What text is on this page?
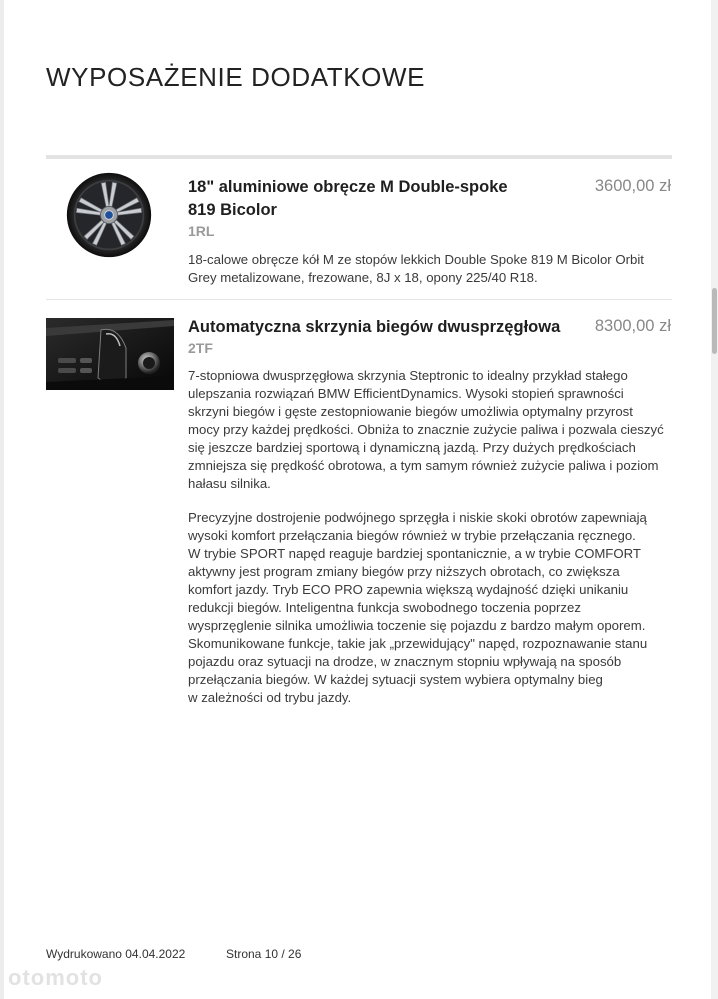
WYPOSAŻENIE DODATKOWE
18" aluminiowe obręcze M Double-spoke
819 Bicolor
1RL
3600,00 zł

18-calowe obręcze kół M ze stopów lekkich Double Spoke 819 M Bicolor Orbit
Grey metalizowane, frezowane, 8J x 18, opony 225/40 R18.

Automatyczna skrzynia biegów dwusprzęgłowa
2TF
8300,00 zł

7-stopniowa dwusprzęgłowa skrzynia Steptronic to idealny przykład stałego
ulepszania rozwiązań BMW EfficientDynamics. Wysoki stopień sprawności
skrzyni biegów i gęste zestopniowanie biegów umożliwia optymalny przyrost
mocy przy każdej prędkości. Obniża to znacznie zużycie paliwa i pozwala cieszyć
się jeszcze bardziej sportową i dynamiczną jazdą. Przy dużych prędkościach
zmniejsza się prędkość obrotowa, a tym samym również zużycie paliwa i poziom
hałasu silnika.

Precyzyjne dostrojenie podwójnego sprzęgła i niskie skoki obrotów zapewniają
wysoki komfort przełączania biegów również w trybie przełączania ręcznego.
W trybie SPORT napęd reaguje bardziej spontanicznie, a w trybie COMFORT
aktywny jest program zmiany biegów przy niższych obrotach, co zwiększa
komfort jazdy. Tryb ECO PRO zapewnia większą wydajność dzięki unikaniu
redukcji biegów. Inteligentna funkcja swobodnego toczenia poprzez
wysprzęglenie silnika umożliwia toczenie się pojazdu z bardzo małym oporem.
Skomunikowane funkcje, takie jak „przewidujący" napęd, rozpoznawanie stanu
pojazdu oraz sytuacji na drodze, w znacznym stopniu wpływają na sposób
przełączania biegów. W każdej sytuacji system wybiera optymalny bieg
w zależności od trybu jazdy.

Wydrukowano 04.04.2022	Strona 10 / 26
otomoto
